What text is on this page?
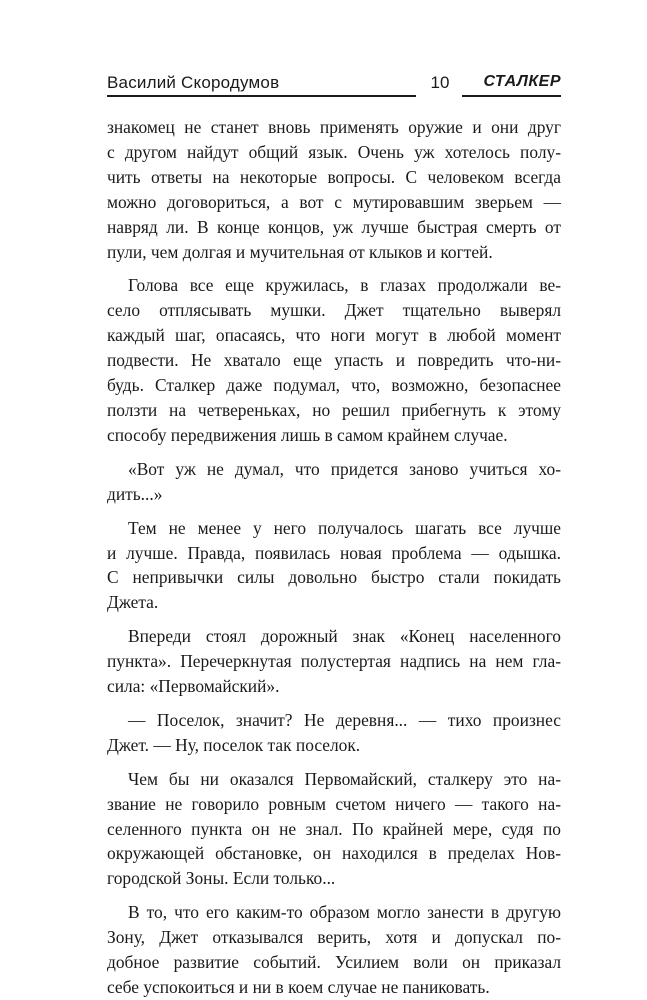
Василий Скородумов	10	СТАЛКЕР

знакомец не станет вновь применять оружие и они друг
с другом найдут общий язык. Очень уж хотелось полу-
чить ответы на некоторые вопросы. С человеком всегда
можно договориться, а вот с мутировавшим зверьем —
навряд ли. В конце концов, уж лучше быстрая смерть от
пули, чем долгая и мучительная от клыков и когтей.

Голова все еще кружилась, в глазах продолжали ве-
село отплясывать мушки. Джет тщательно выверял
каждый шаг, опасаясь, что ноги могут в любой момент
подвести. Не хватало еще упасть и повредить что-ни-
будь. Сталкер даже подумал, что, возможно, безопаснее
ползти на четвереньках, но решил прибегнуть к этому
способу передвижения лишь в самом крайнем случае.

«Вот уж не думал, что придется заново учиться хо-
дить...»

Тем не менее у него получалось шагать все лучше
и лучше. Правда, появилась новая проблема — одышка.
С непривычки силы довольно быстро стали покидать
Джета.

Впереди стоял дорожный знак «Конец населенного
пункта». Перечеркнутая полустертая надпись на нем гла-
сила: «Первомайский».

— Поселок, значит? Не деревня... — тихо произнес
Джет. — Ну, поселок так поселок.

Чем бы ни оказался Первомайский, сталкеру это на-
звание не говорило ровным счетом ничего — такого на-
селенного пункта он не знал. По крайней мере, судя по
окружающей обстановке, он находился в пределах Нов-
городской Зоны. Если только...

В то, что его каким-то образом могло занести в другую
Зону, Джет отказывался верить, хотя и допускал по-
добное развитие событий. Усилием воли он приказал
себе успокоиться и ни в коем случае не паниковать.
